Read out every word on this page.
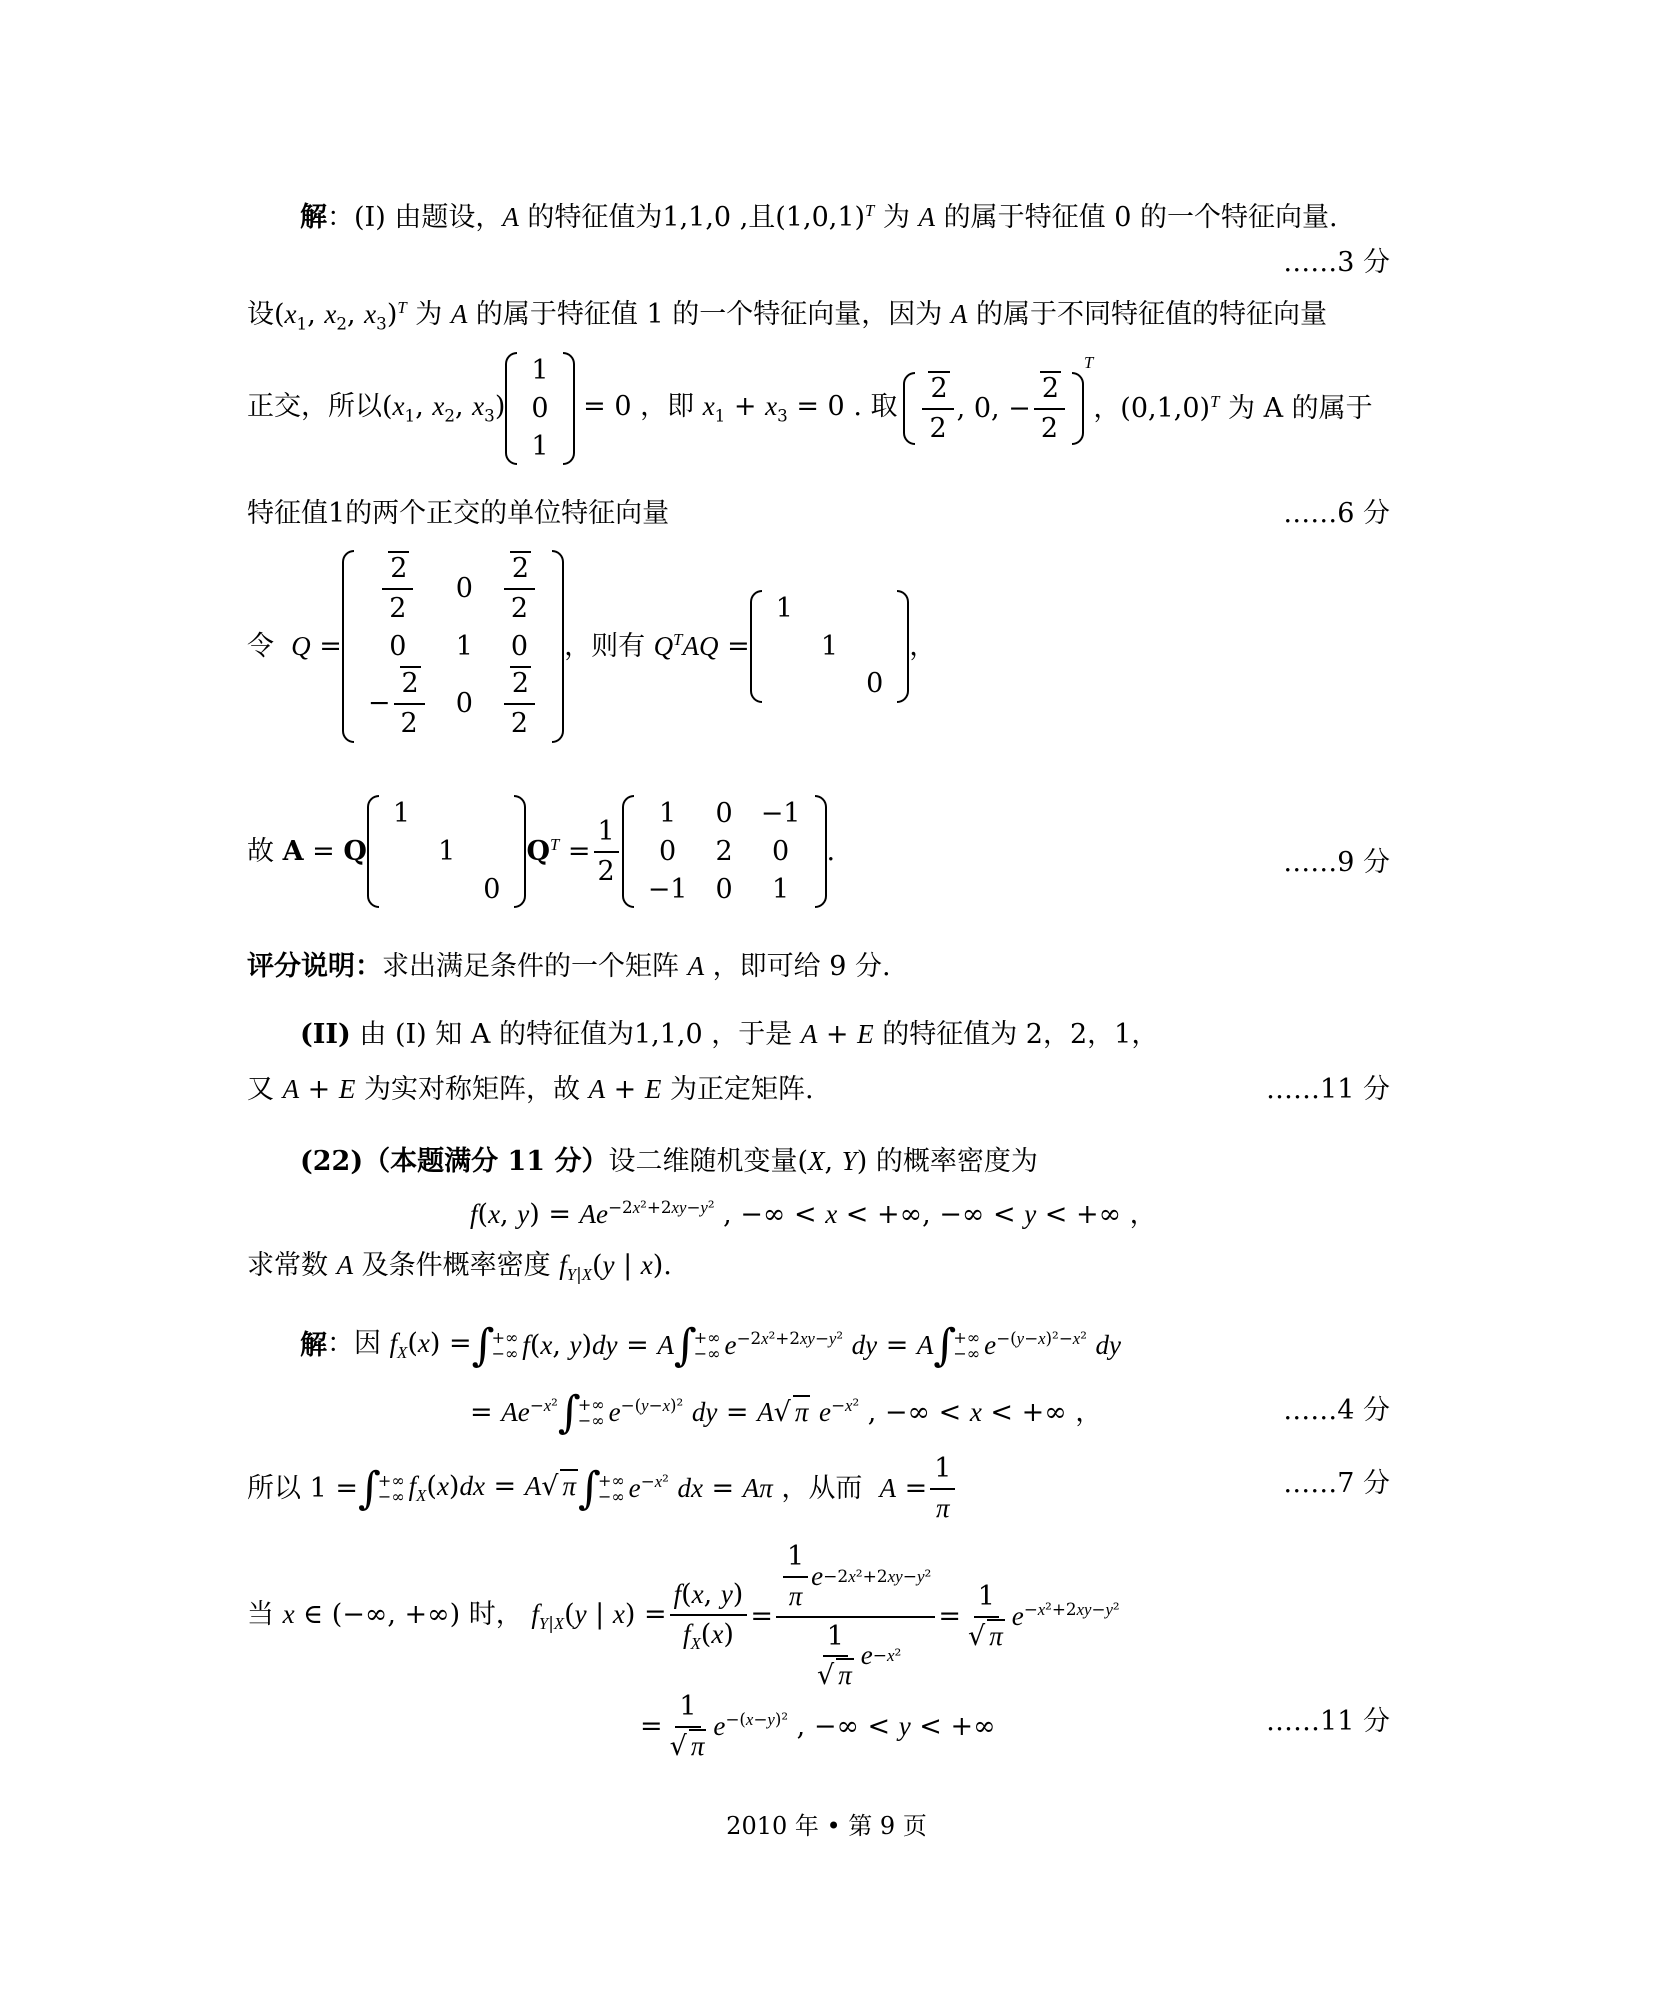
解：(I) 由题设，A 的特征值为1,1,0 ,且$(1,0,1)^T$ 为 A 的属于特征值 0 的一个特征向量.
……3 分
设($x_1$, $x_2$, $x_3)^T$ 为 A 的属于特征值 1 的一个特征向量，因为 A 的属于不同特征值的特征向量
正交，所以($x_1$, $x_2$, $x_3$)
1
0
1
= 0 ，即 $x_1 + x_3 = 0$ . 取 $\frac{2}{2}$ , 0, − $\frac{2}{2}$
$^T$
，$(0,1,0)^T$ 为 A 的属于
特征值1的两个正交的单位特征向量	……6 分
令  Q =
$\frac{2}{2}$	0	$\frac{2}{2}$

0	1	0
− $\frac{2}{2}$	0	$\frac{2}{2}$
，则有 $Q^TAQ$ =
1		
	1	
		0
，
故 A = Q
1		
	1	
		0
$Q^T = \frac{1}{2}$
1	0	−1
0	2	0
−1	0	1
.	……9 分
评分说明：求出满足条件的一个矩阵 A ，即可给 9 分.
(II) 由 (I) 知 A 的特征值为1,1,0 ，于是 A + E 的特征值为 2，2，1，
又 A + E 为实对称矩阵，故 A + E 为正定矩阵.	……11 分
(22)（本题满分 11 分）设二维随机变量(X, Y) 的概率密度为
f(x, $y) = Ae^{-2x^2+2xy-y^2}$ , −∞ < x < +∞, −∞ < y < +∞ ，
求常数 A 及条件概率密度 $f_{Y|X}(y$ | x).
解 ：因 $f_X(x)$ = ∫
+∞
−∞ f(x, y)dy = A ∫
+∞
−∞ $e^{-2x^2+2xy-y^2}$ dy = A ∫
+∞
−∞ $e^{-(y-x)^2-x^2}$ dy
= $Ae^{-x^2}$ ∫
+∞
−∞ $e^{-(y-x)^2}$ dy = A√ π $e^{-x^2}$ , −∞ < x < +∞ ，	……4 分
所以 1 = ∫
+∞
−∞ $f_X(x)dx = A√$ π ∫
+∞
−∞ $e^{-x^2}$ dx = Aπ ，从而  $A = \frac{1}{\pi}$	……7 分
当 x ∈ (−∞, +∞) 时， $f_{Y|X}(y$ | $x) = \frac{f(x, y)}{f_X(x)} = \frac{\frac{1}{\pi} e -2x^2+2xy-y^2}{\frac{1}{√ \pi} e -x^2} = \frac{1}{√ \pi} e^{-x^2+2xy-y^2}$
= $\frac{1}{√ \pi} e^{-(x-y)^2}$ , −∞ < y < +∞	……11 分
2010 年 • 第 9 页
